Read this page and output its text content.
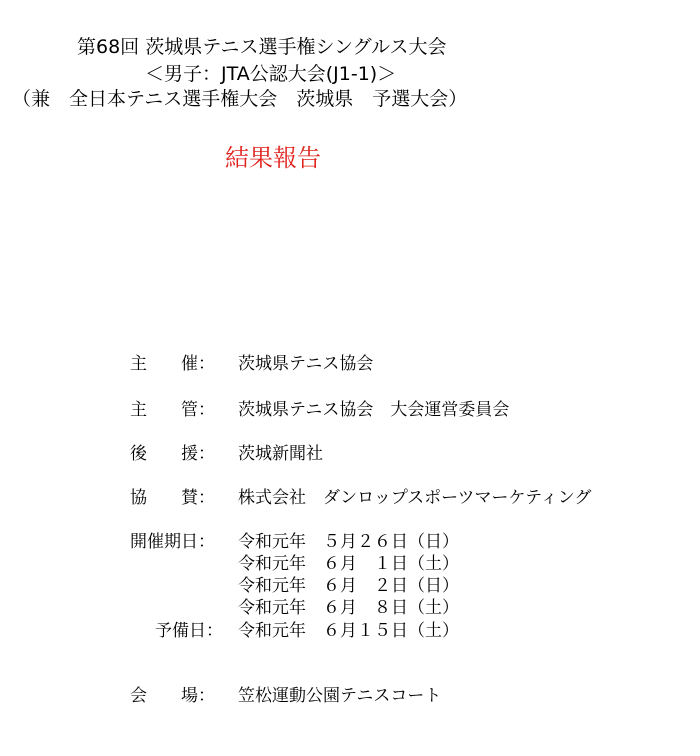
第68回 茨城県テニス選手権シングルス大会
＜男子：JTA公認大会(J1-1)＞
（兼　全日本テニス選手権大会　茨城県　予選大会）
結果報告

主　　催：

	茨城県テニス協会

主　　管：

	茨城県テニス協会　大会運営委員会

後　　援：

	茨城新聞社

協　　賛：

	株式会社　ダンロップスポーツマーケティング

開催期日： 令和元年　５月２６日（日）
令和元年　６月　１日（土）
令和元年　６月　２日（日）
令和元年　６月　８日（土）
予備日： 令和元年　６月１５日（土）

会　　場：

	笠松運動公園テニスコート
